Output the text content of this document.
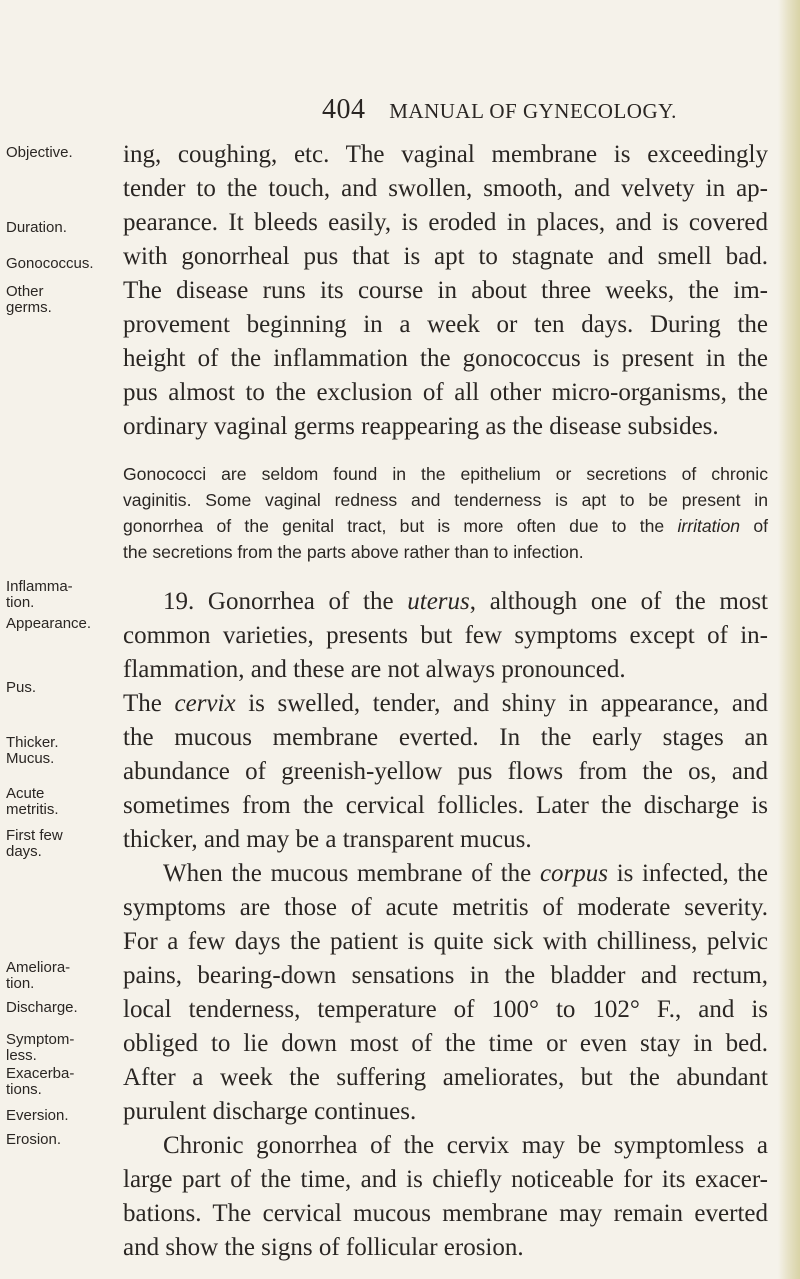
404 MANUAL OF GYNECOLOGY.
Objective.
Duration.
Gonococcus.
Other germs.
Inflamma- tion.
Appearance.
Pus.
Thicker.
Mucus.
Acute metritis.
First few days.
Ameliora- tion.
Discharge.
Symptom- less.
Exacerba- tions.
Eversion.
Erosion.
ing, coughing, etc. The vaginal membrane is exceedingly
tender to the touch, and swollen, smooth, and velvety in ap-
pearance. It bleeds easily, is eroded in places, and is covered
with gonorrheal pus that is apt to stagnate and smell bad.
The disease runs its course in about three weeks, the im-
provement beginning in a week or ten days. During the
height of the inflammation the gonococcus is present in the
pus almost to the exclusion of all other micro-organisms, the
ordinary vaginal germs reappearing as the disease subsides.
Gonococci are seldom found in the epithelium or secretions of chronic
vaginitis. Some vaginal redness and tenderness is apt to be present in
gonorrhea of the genital tract, but is more often due to the irritation of
the secretions from the parts above rather than to infection.
19. Gonorrhea of the uterus, although one of the most
common varieties, presents but few symptoms except of in-
flammation, and these are not always pronounced.
The cervix is swelled, tender, and shiny in appearance, and
the mucous membrane everted. In the early stages an
abundance of greenish-yellow pus flows from the os, and
sometimes from the cervical follicles. Later the discharge is
thicker, and may be a transparent mucus.
When the mucous membrane of the corpus is infected, the
symptoms are those of acute metritis of moderate severity.
For a few days the patient is quite sick with chilliness, pelvic
pains, bearing-down sensations in the bladder and rectum,
local tenderness, temperature of 100° to 102° F., and is
obliged to lie down most of the time or even stay in bed.
After a week the suffering ameliorates, but the abundant
purulent discharge continues.
Chronic gonorrhea of the cervix may be symptomless a
large part of the time, and is chiefly noticeable for its exacer-
bations. The cervical mucous membrane may remain everted
and show the signs of follicular erosion.
